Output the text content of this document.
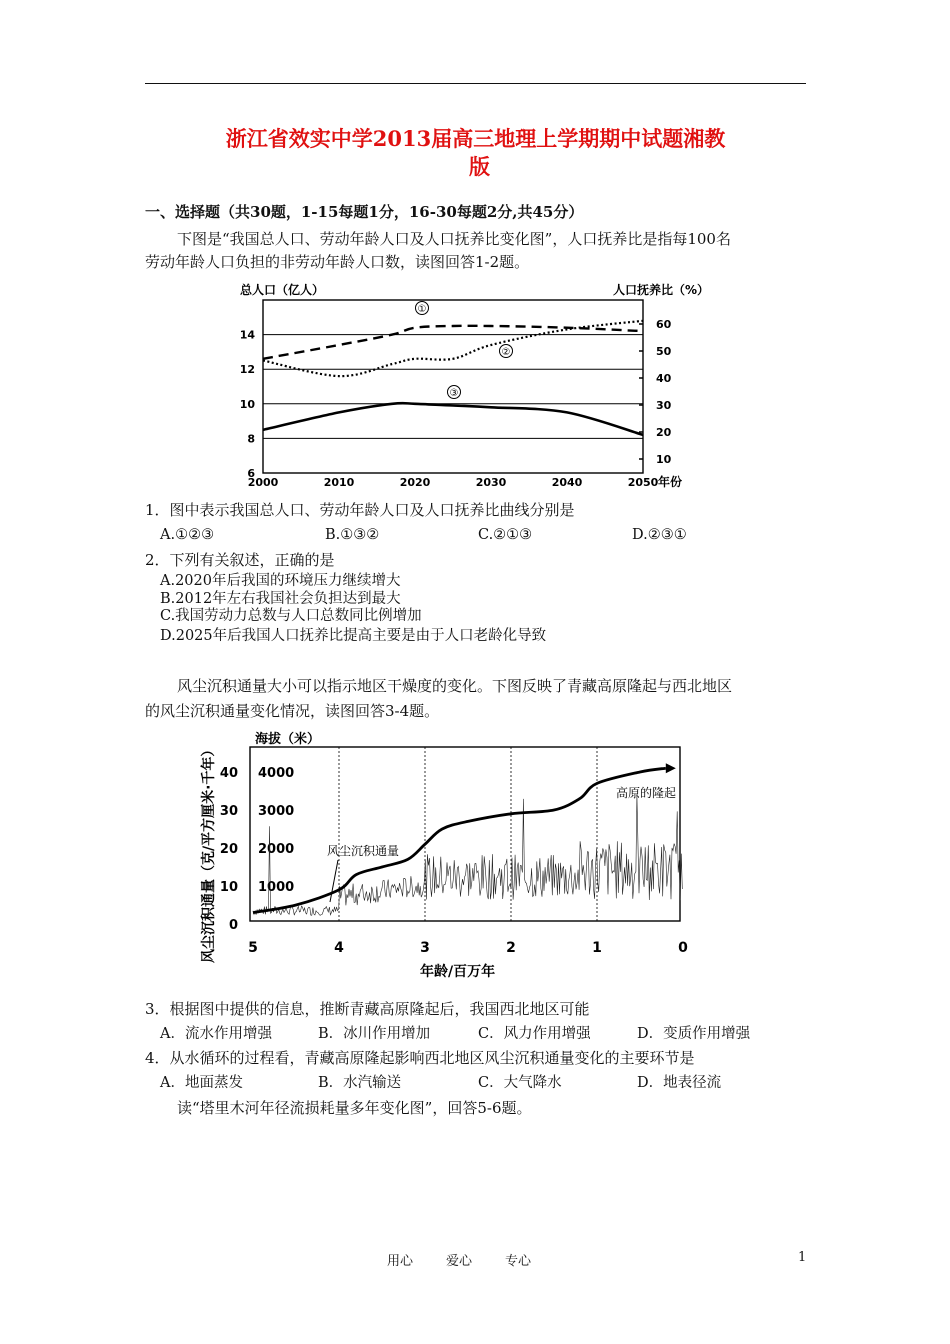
浙江省效实中学2013届高三地理上学期期中试题湘教
版
一、选择题（共30题，1-15每题1分，16-30每题2分,共45分）
下图是“我国总人口、劳动年龄人口及人口抚养比变化图”，人口抚养比是指每100名
劳动年龄人口负担的非劳动年龄人口数，读图回答1-2题。
6
8
10
12
14
10
20
30
40
50
60
2000	2010	2020	2030	2040	2050 年份
总人口（亿人）	人口抚养比（%）
①
②
③
1．图中表示我国总人口、劳动年龄人口及人口抚养比曲线分别是
A.①②③	B.①③②	C.②①③	D.②③①
2．下列有关叙述，正确的是
A.2020年后我国的环境压力继续增大
B.2012年左右我国社会负担达到最大
C.我国劳动力总数与人口总数同比例增加
D.2025年后我国人口抚养比提高主要是由于人口老龄化导致
风尘沉积通量大小可以指示地区干燥度的变化。下图反映了青藏高原隆起与西北地区
的风尘沉积通量变化情况，读图回答3-4题。
0
10
20
30
40
1000
2000
3000
4000
5	4	3	2	1	0
年龄/百万年
海拔（米）
风尘沉积通量（克/平方厘米·千年）	风尘沉积通量
高原的隆起
3．根据图中提供的信息，推断青藏高原隆起后，我国西北地区可能
A．流水作用增强	B．冰川作用增加	C．风力作用增强	D．变质作用增强
4．从水循环的过程看，青藏高原隆起影响西北地区风尘沉积通量变化的主要环节是
A．地面蒸发	B．水汽输送	C．大气降水	D．地表径流
读“塔里木河年径流损耗量多年变化图”，回答5-6题。
用心	爱心	专心	1
